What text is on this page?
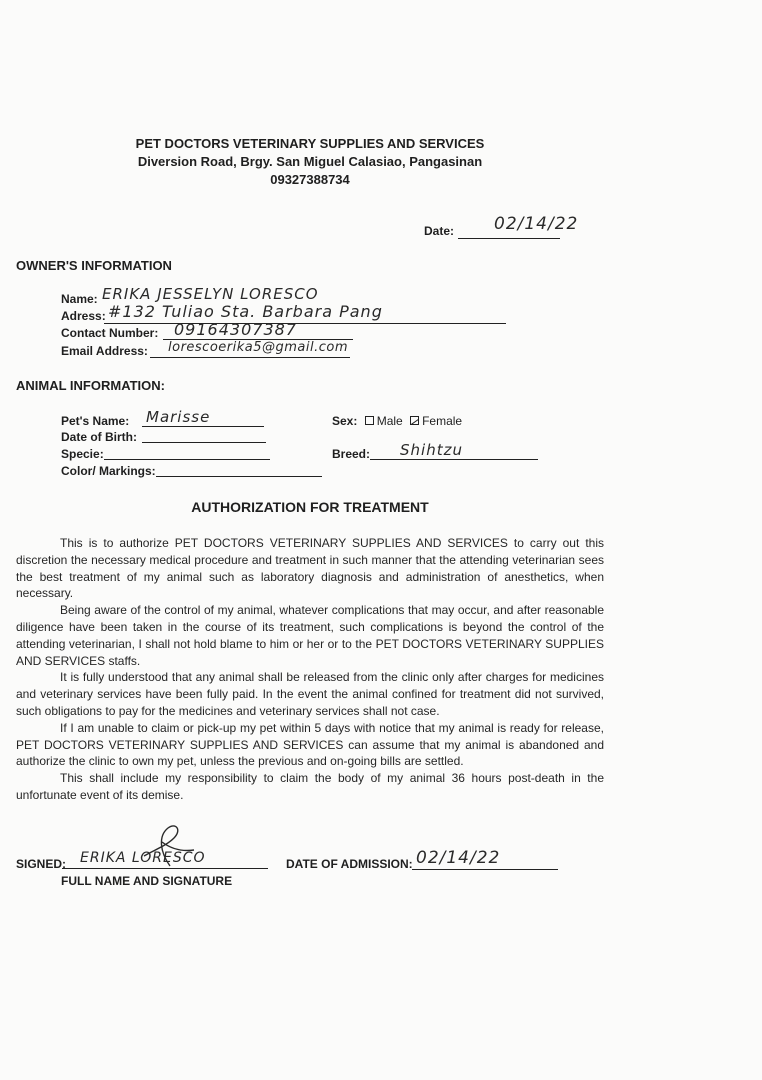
PET DOCTORS VETERINARY SUPPLIES AND SERVICES
Diversion Road, Brgy. San Miguel Calasiao, Pangasinan
09327388734
Date: 02/14/22
OWNER'S INFORMATION
Name: ERIKA JESSELYN LORESCO
Adress: #132 Tuliao Sta. Barbara Pang
Contact Number: 09164307387
Email Address: lorescoerika5@gmail.com
ANIMAL INFORMATION:
Pet's Name: Marisse
Date of Birth:
Specie:
Color/ Markings:
Sex: Male Female
Breed: Shihtzu
AUTHORIZATION FOR TREATMENT

This is to authorize PET DOCTORS VETERINARY SUPPLIES AND SERVICES to carry out this discretion the necessary medical procedure and treatment in such manner that the attending veterinarian sees the best treatment of my animal such as laboratory diagnosis and administration of anesthetics, when necessary.

Being aware of the control of my animal, whatever complications that may occur, and after reasonable diligence have been taken in the course of its treatment, such complications is beyond the control of the attending veterinarian, I shall not hold blame to him or her or to the PET DOCTORS VETERINARY SUPPLIES AND SERVICES staffs.

It is fully understood that any animal shall be released from the clinic only after charges for medicines and veterinary services have been fully paid. In the event the animal confined for treatment did not survived, such obligations to pay for the medicines and veterinary services shall not case.

If I am unable to claim or pick-up my pet within 5 days with notice that my animal is ready for release, PET DOCTORS VETERINARY SUPPLIES AND SERVICES can assume that my animal is abandoned and authorize the clinic to own my pet, unless the previous and on-going bills are settled.

This shall include my responsibility to claim the body of my animal 36 hours post-death in the unfortunate event of its demise.

SIGNED: ERIKA LORESCO
FULL NAME AND SIGNATURE
DATE OF ADMISSION: 02/14/22
